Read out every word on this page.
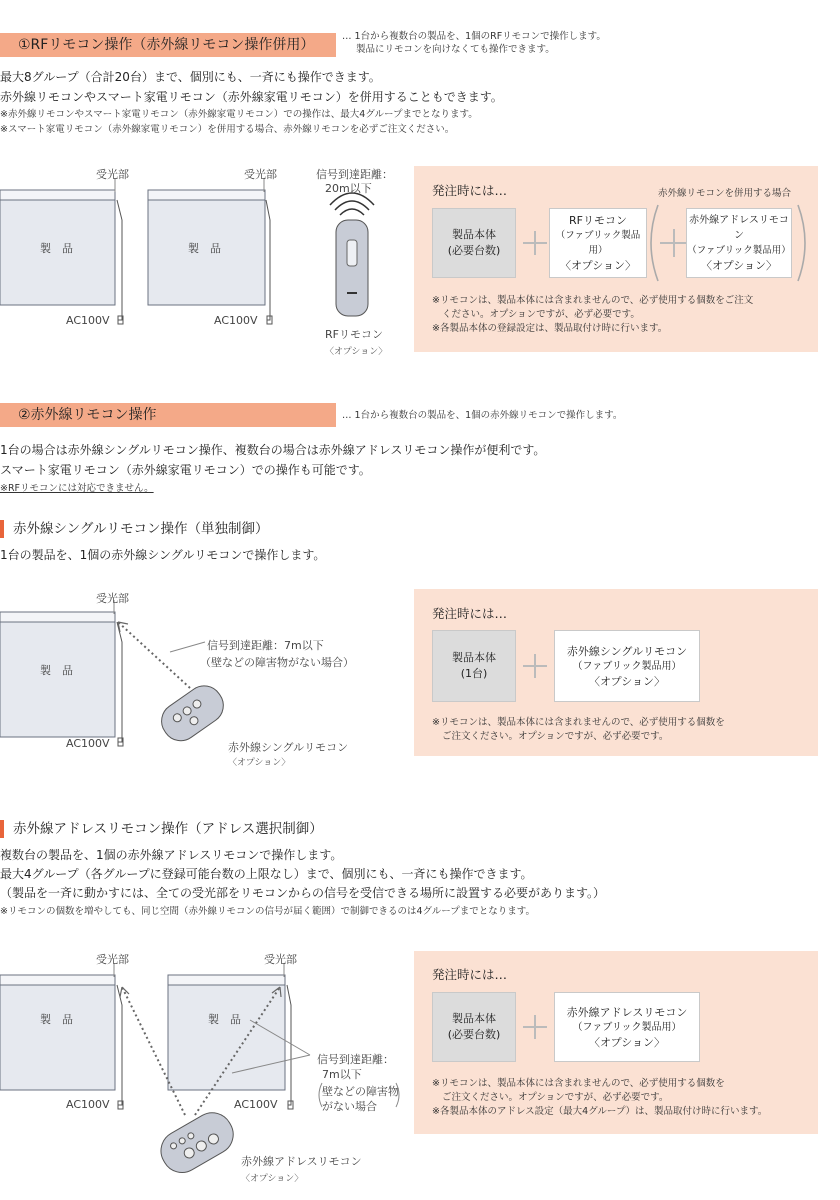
①RFリモコン操作（赤外線リモコン操作併用）
… 1台から複数台の製品を、1個のRFリモコンで操作します。
製品にリモコンを向けなくても操作できます。
最大8グループ（合計20台）まで、個別にも、一斉にも操作できます。
赤外線リモコンやスマート家電リモコン（赤外線家電リモコン）を併用することもできます。
※赤外線リモコンやスマート家電リモコン（赤外線家電リモコン）での操作は、最大4グループまでとなります。
※スマート家電リモコン（赤外線家電リモコン）を併用する場合、赤外線リモコンを必ずご注文ください。
受光部
製　品
AC100V
受光部
製　品
AC100V
信号到達距離：
20m以下
RFリモコン
〈オプション〉
発注時には…	赤外線リモコンを併用する場合
製品本体
(必要台数)
RFリモコン
（ファブリック製品用）
〈オプション〉
赤外線アドレスリモコン
（ファブリック製品用）
〈オプション〉
※リモコンは、製品本体には含まれませんので、必ず使用する個数をご注文
ください。オプションですが、必ず必要です。
※各製品本体の登録設定は、製品取付け時に行います。
②赤外線リモコン操作	… 1台から複数台の製品を、1個の赤外線リモコンで操作します。
1台の場合は赤外線シングルリモコン操作、複数台の場合は赤外線アドレスリモコン操作が便利です。
スマート家電リモコン（赤外線家電リモコン）での操作も可能です。
※RFリモコンには対応できません。
赤外線シングルリモコン操作（単独制御）
1台の製品を、1個の赤外線シングルリモコンで操作します。
受光部
製　品
AC100V
信号到達距離：7m以下
（壁などの障害物がない場合）
赤外線シングルリモコン
〈オプション〉
発注時には…
製品本体
(1台)
赤外線シングルリモコン
（ファブリック製品用）
〈オプション〉
※リモコンは、製品本体には含まれませんので、必ず使用する個数を
ご注文ください。オプションですが、必ず必要です。
赤外線アドレスリモコン操作（アドレス選択制御）
複数台の製品を、1個の赤外線アドレスリモコンで操作します。
最大4グループ（各グループに登録可能台数の上限なし）まで、個別にも、一斉にも操作できます。
（製品を一斉に動かすには、全ての受光部をリモコンからの信号を受信できる場所に設置する必要があります。）
※リモコンの個数を増やしても、同じ空間（赤外線リモコンの信号が届く範囲）で制御できるのは4グループまでとなります。
受光部
製　品
AC100V
受光部
製　品
AC100V
信号到達距離：
7m以下
壁などの障害物
がない場合
赤外線アドレスリモコン
〈オプション〉
発注時には…
製品本体
(必要台数)
赤外線アドレスリモコン
（ファブリック製品用）
〈オプション〉
※リモコンは、製品本体には含まれませんので、必ず使用する個数を
ご注文ください。オプションですが、必ず必要です。
※各製品本体のアドレス設定（最大4グループ）は、製品取付け時に行います。
